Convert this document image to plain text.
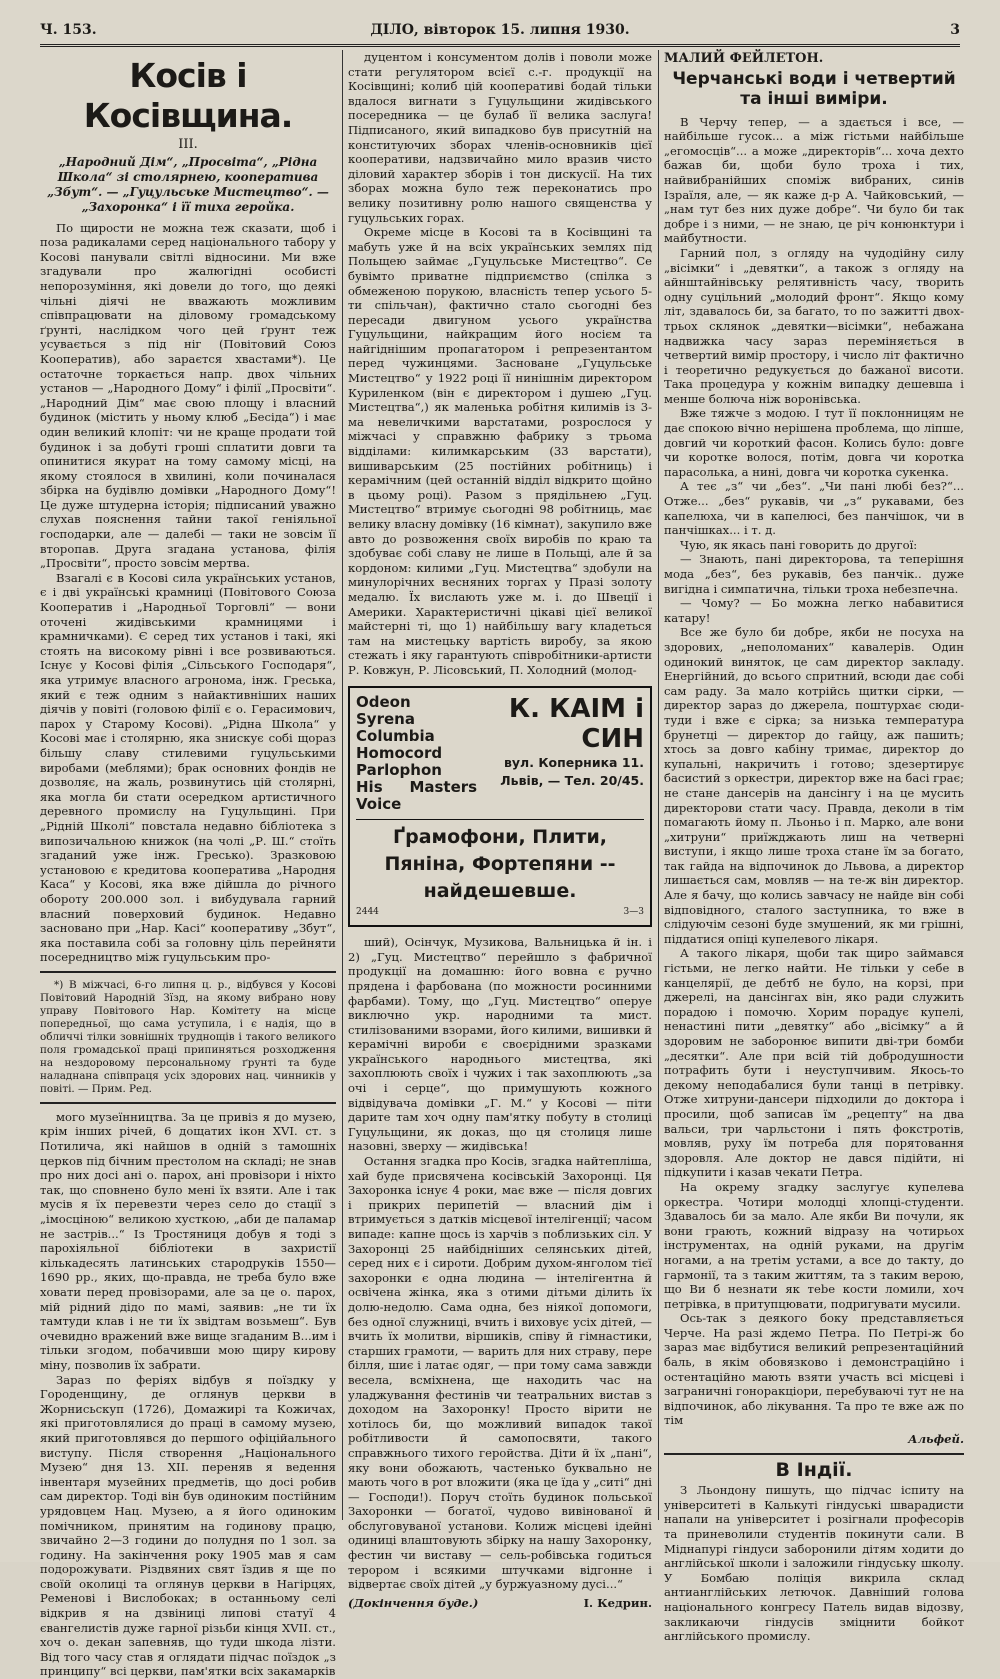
Ч. 153.	ДІЛО, вівторок 15. липня 1930.	3
Косів і Косівщина.
III.
„Народний Дім“, „Просвіта“, „Рідна Школа“ зі столярнею, кооператива „Збут“. — „Гуцульське Мистецтво“. — „Захоронка“ і її тиха геройка.

По щирости не можна теж сказати, щоб і поза радикалами серед національного табору у Косові панували світлі відносини. Ми вже згадували про жалюгідні особисті непорозуміння, які довели до того, що деякі чільні діячі не вважають можливим співпрацювати на діловому громадському ґрунті, наслідком чого цей ґрунт теж усувається з під ніг (Повітовий Союз Кооператив), або зараєтся хвастами*). Це остаточне торкається напр. двох чільних установ — „Народного Дому“ і філії „Просвіти“. „Народний Дім“ має свою площу і власний будинок (містить у ньому клюб „Бесіда“) і має один великий клопіт: чи не краще продати той будинок і за добуті гроші сплатити довги та опинитися якурат на тому самому місці, на якому стоялося в хвилині, коли починалася збірка на будівлю домівки „Народного Дому“! Це дуже штудерна історія; підписаний уважно слухав пояснення тайни такої геніяльної господарки, але — далебі — таки не зовсім її второпав. Друга згадана установа, філія „Просвіти“, просто зовсім мертва.

Взагалі є в Косові сила українських установ, є і дві українські крамниці (Повітового Союза Кооператив і „Народньої Торговлі“ — вони оточені жидівськими крамницями і крамничками). Є серед тих установ і такі, які стоять на високому рівні і все розвиваються. Існує у Косові філія „Сільського Господаря“, яка утримує власного агронома, інж. Греська, який є теж одним з найактивніших наших діячів у повіті (головою філії є о. Герасимович, парох у Старому Косові). „Рідна Школа“ у Косові має і столярню, яка знискує собі щораз більшу славу стилевими гуцульськими виробами (меблями); брак основних фондів не дозволяє, на жаль, розвинутись цій столярні, яка могла би стати осередком артистичного деревного промислу на Гуцульщині. При „Рідній Школі“ повстала недавно бібліотека з випозичальною книжок (на чолі „Р. Ш.“ стоїть згаданий уже інж. Греськo). Зразковою установою є кредитова кооператива „Народня Каса“ у Косові, яка вже дійшла до річного обороту 200.000 зол. і вибудувала гарний власний поверховий будинок. Недавно засновано при „Нар. Касі“ кооперативу „Збут“, яка поставила собі за головну ціль перейняти посередництво між гуцульським про-

*) В міжчасі, 6-го липня ц. р., відбувся у Косові Повітовий Народній Зїзд, на якому вибрано нову управу Повітового Нар. Комітету на місце попередньої, що сама уступила, і є надія, що в обличчі тілки зовнішніх труднощів і такого великого поля громадської праці припиняться розходження на нездоровому персональному ґрунті та буде наладнана співпраця усіх здорових нац. чинників у повіті. — Прим. Ред.

мого музеїнництва. За це привіз я до музею, крім інших річей, 6 дощатих ікон XVI. ст. з Потилича, які найшов в одній з тамошніх церков під бічним престолом на складі; не знав про них досі ані о. парох, ані провізори і ніхто так, що сповнено було мені їх взяти. Але і так мусів я їх перевезти через село до стації з „імосціною“ великою хусткою, „аби де паламар не застрів...“ Із Тростяниця добув я тоді з парохіяльної бібліотеки в захристії кількадесять латинських стародруків 1550—1690 рр., яких, що-правда, не треба було вже ховати перед провізорами, але за це о. парох, мій рідний дідо по мамі, заявив: „не ти їх тамтуди клав і не ти їх звідтам возьмеш“. Був очевидно вражений вже вище згаданим В...им і тільки згодом, побачивши мою щиру кирову міну, позволив їх забрати.

Зараз по феріях відбув я поїздку у Городенщину, де оглянув церкви в Жорнисьскуп (1726), Домажирі та Кожичах, які приготовлялися до праці в самому музею, який приготовлявся до першого офіційального виступу. Після створення „Національного Музею“ дня 13. XII. переняв я ведення інвентаря музейних предметів, що досі робив сам директор. Тоді він був одиноким постійним урядовцем Нац. Музею, а я його одиноким помічником, принятим на годинову працю, звичайно 2—3 години до полудня по 1 зол. за годину. На закінчення року 1905 мав я сам подорожувати. Різдвяних свят їздив я ще по своїй околиці та оглянув церкви в Нагірцях, Ременові і Вислобоках; в останньому селі відкрив я на дзвіниці липові статуї 4 євангелистів дуже гарної різьби кінця XVII. ст., хоч о. декан запевняв, що туди шкода лізти. Від того часу став я оглядати підчас поїздок „з принципу“ всі церкви, пам'ятки всіх закамарків

дуцентом і консументом долів і поволи може стати регулятором всієї с.-г. продукції на Косівщині; колиб цій кооперативі бодай тільки вдалося вигнати з Гуцульщини жидівського посередника — це булаб її велика заслуга! Підписаного, який випадково був присутній на конституючих зборах членів-основників цієї кооперативи, надзвичайно мило вразив чисто діловий характер зборів і тон дискусії. На тих зборах можна було теж переконатись про велику позитивну ролю нашого священства у гуцульських горах.

Окреме місце в Косові та в Косівщині та мабуть уже й на всіх українських землях під Польщею займає „Гуцульське Мистецтво“. Се бувімто приватне підприємство (спілка з обмеженою порукою, власність тепер усього 5-ти спільчан), фактично стало сьогодні без пересади двигуном усього українства Гуцульщини, найкращим його носієм та найгіднішим пропагатором і репрезентантом перед чужинцями. Засноване „Гуцульське Мистецтво“ у 1922 році її нинішнім директором Куриленком (він є директором і душею „Гуц. Мистецтва“,) як маленька робітня килимів із 3-ма невеличкими варстатами, розрослося у міжчасі у справжню фабрику з трьома відділами: килимкарським (33 варстати), вишиварським (25 постійних робітниць) і керамічним (цей останній відділ відкрито щойно в цьому році). Разом з прядільнею „Гуц. Мистецтво“ втримує сьогодні 98 робітниць, має велику власну домівку (16 кімнат), закупило вже авто до розвоження своїх виробів по краю та здобуває собі славу не лише в Польщі, але й за кордоном: килими „Гуц. Мистецтва“ здобули на минулорічних весняних торгах у Празі золоту медалю. Їх вислають уже м. і. до Швеції і Америки. Характеристичні цікаві цієї великої майстерні ті, що 1) найбільшу вагу кладеться там на мистецьку вартість виробу, за якою стежать і яку гарантують співробітники-артисти Р. Ковжун, Р. Лісовський, П. Холодний (молод-

Odeon
Syrena
Columbia
Homocord
Parlophon
His Masters Voice
К. КАІМ і СИН
вул. Коперника 11.
Львів, — Тел. 20/45.
Ґрамофони, Плити, Пяніна, Фортепяни -- найдешевше.
2444	3—3

ший), Осінчук, Музикова, Вальницька й ін. і 2) „Гуц. Мистецтво“ перейшло з фабричної продукції на домашню: його вовна є ручно прядена і фарбована (по можности росинними фарбами). Тому, що „Гуц. Мистецтво“ оперуе виключно укр. народними та мист. стилізованими взорами, його килими, вишивки й керамічні вироби є своєрідними зразками українського народнього мистецтва, які захоплюють своїх і чужих і так захоплюють „за очі і серце“, що примушують кожного відвідувача домівки „Г. М.“ у Косові — піти дарите там хоч одну пам'ятку побуту в столиці Гуцульщини, як доказ, що ця столиця лише назовні, зверху — жидівська!

Остання згадка про Косів, згадка найтепліша, хай буде присвячена косівській Захоронці. Ця Захоронка існує 4 роки, має вже — після довгих і прикрих перипетій — власний дім і втримується з датків місцевої інтелігенції; часом випаде: капне щось із харчів з поблизьких сіл. У Захоронці 25 найбідніших селянських дітей, серед них є і сироти. Добрим духом-янголом тієї захоронки є одна людина — інтелігентна й освічена жінка, яка з отими дітьми ділить їх долю-недолю. Сама одна, без ніякої допомоги, без одної служниці, вчить і виховує усіх дітей, — вчить їх молитви, віршиків, співу й гімнастики, старших грамоти, — варить для них страву, пере білля, шиє і латає одяг, — при тому сама завжди весела, всміхнена, ще находить час на уладжування фестинів чи театральних вистав з доходом на Захоронку! Просто вірити не хотілось би, що можливий випадок такої робітливости й самопосвяти, такого справжнього тихого геройства. Діти й їх „пані“, яку вони обожають, частенько буквально не мають чого в рот вложити (яка це їда у „ситі“ дні — Господи!). Поруч стоїть будинок польської Захоронки — богатої, чудово вивінованої й обслуговуваної установи. Колиж місцеві ідейні одиниці влаштовують збірку на нашу Захоронку, фестин чи виставу — сель-робівська годиться терором і всякими штучками відгонне і відвертає своїх дітей „у буржуазному дусі...“

(Докінчення буде.)	І. Кедрин.
МАЛИЙ ФЕЙЛЕТОН.
Черчанські води і четвертий та інші виміри.

В Черчу тепер, — а здається і все, — найбільше гусок... а між гістьми найбільше „егомосців“... а може „директорів“... хоча дехто бажав би, щоби було троха і тих, найвибранійших споміж вибраних, синів Ізраїля, але, — як каже д-р А. Чайковський, — „нам тут без них дуже добре“. Чи було би так добре і з ними, — не знаю, це річ конюнктури і майбутности.

Гарний пол, з огляду на чудодійну силу „вісімки“ і „девятки“, а також з огляду на айнштайнівську релятивність часу, творить одну суцільний „молодий фронт“. Якщо кому літ, здавалось би, за багато, то по зажитті двох-трьох склянок „девятки—вісімки“, небажана надвижка часу зараз переміняється в четвертий вимір простору, і число літ фактично і теоретично редукується до бажаної висоти. Така процедура у кожнім випадку дешевша і менше болюча ніж воронівська.

Вже тяжче з модою. І тут її поклонницям не дає спокою вічно нерішена проблема, що ліпше, довгий чи короткий фасон. Колись було: довге чи коротке волося, потім, довга чи коротка парасолька, а нині, довга чи коротка сукенка.

А теє „з“ чи „без“. „Чи пані любі без?“... Отже... „без“ рукавів, чи „з“ рукавами, без капелюха, чи в капелюсі, без панчішок, чи в панчішках... і т. д.

Чую, як якась пані говорить до другої:

— Знають, пані директорова, та теперішня мода „без“, без рукавів, без панчік.. дуже вигідна і симпатична, тільки троха небезпечна.

— Чому? — Бо можна легко набавитися катару!

Все же було би добре, якби не посуха на здорових, „неполоманих“ кавалерів. Один одинокий виняток, це сам директор закладу. Енергійний, до всього спритний, всюди дає собі сам раду. За мало котрійсь щитки сірки, — директор зараз до джерела, поштурхає сюди-туди і вже є сірка; за низька температура брунетці — директор до гайцу, аж пашить; хтось за довго кабіну тримає, директор до купальні, накричить і готово; здезертирує басистий з оркестри, директор вже на басі грає; не стане дансерів на дансінгу і на це мусить директорови стати часу. Правда, деколи в тім помагають йому п. Льоньо і п. Марко, але вони „хитруни“ приїжджають лиш на четверні виступи, і якщо лише троха стане їм за богато, так гайда на відпочинок до Львова, а директор лишається сам, мовляв — на те-ж він директор. Але я бачу, що колись завчасу не найде він собі відповідного, сталого заступника, то вже в слідуючім сезоні буде змушений, як ми грішні, піддатися опіці купелевого лікаря.

А такого лікаря, щоби так щиро займався гістьми, не легко найти. Не тільки у себе в канцелярії, де дебтб не було, на корзі, при джерелі, на дансінгах він, яко ради служить порадою і помочю. Хорим порадує купелі, ненастині пити „девятку“ або „вісімку“ а й здоровим не заборонює випити дві-три бомби „десятки“. Але при всій тій добродушности потрафить бути і неуступчивим. Якось-то декому неподабалися були танці в петрівку. Отже хитруни-дансери підходили до доктора і просили, щоб записав їм „рецепту“ на два вальси, три чарльстони і пять фокстротів, мовляв, руху їм потреба для порятовання здоровля. Але доктор не дався підійти, ні підкупити і казав чекати Петра.

На окрему згадку заслугує купелева оркестра. Чотири молодці хлопці-студенти. Здавалось би за мало. Але якби Ви почули, як вони грають, кожний відразу на чотирьох інструментах, на одній руками, на другім ногами, а на третім устами, а все до такту, до гармонії, та з таким життям, та з таким верою, що Ви б незнати як теbe кости ломили, хоч петрівка, в притупцювати, подригувати мусили.

Ось-так з деякого боку представляється Черче. На разі ждемо Петра. По Петрі-ж бо зараз має відбутися великий репрезентаційний баль, в якім обовязково і демонстраційно і остентаційно мають взяти участь всі місцеві і заграничні гоноракціори, перебуваючі тут не на відпочинок, або лікування. Та про те вже аж по тім

Альфей.
В Індії.

З Льондону пишуть, що підчас іспиту на університеті в Калькуті гіндуські шварадисти напали на університет і розігнали професорів та приневолили студентів покинути сали. В Міднапурі гіндуси заборонили дітям ходити до англійської школи і заложили гіндуську школу. У Бомбаю поліція викрила склад антианглійських летючок. Давніший голова національного конгресу Патель видав відозву, закликаючи гіндусів зміцнити бойкот англійського промислу.
